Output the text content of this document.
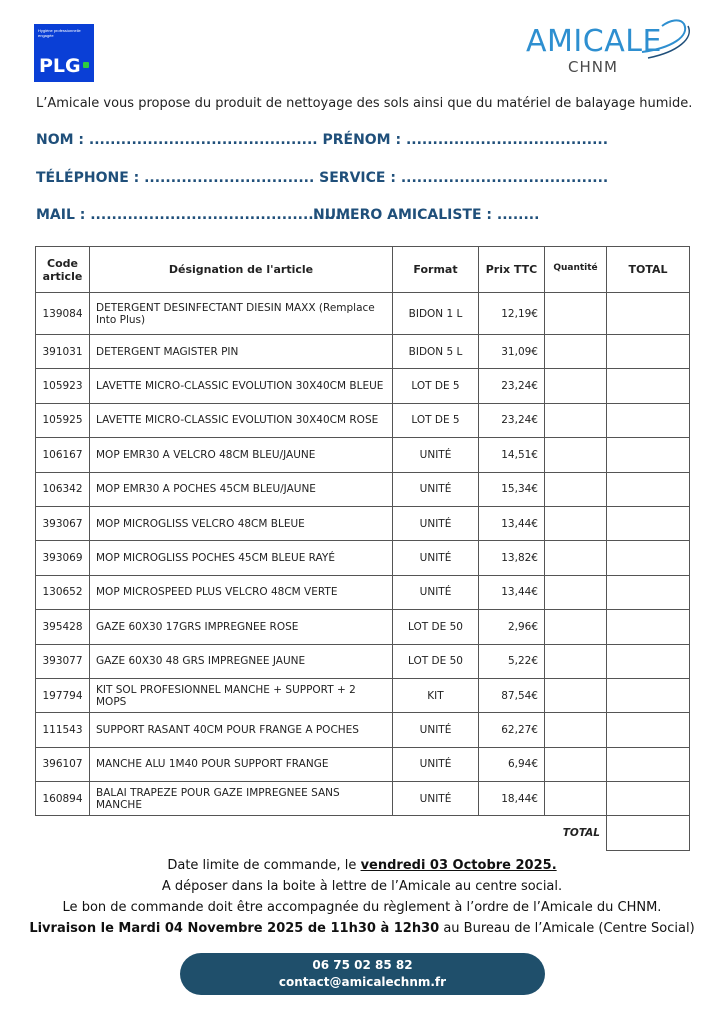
Hygiène professionnelle engagée
PLG
AMICALE
CHNM
L’Amicale vous propose du produit de nettoyage des sols ainsi que du matériel de balayage humide.
NOM : ........................................... PRÉNOM : ......................................
TÉLÉPHONE : ................................ SERVICE : .......................................
MAIL : .................................................
NUMERO AMICALISTE : ........
Code article	Désignation de l'article	Format	Prix TTC	Quantité	TOTAL
139084	DETERGENT DESINFECTANT DIESIN MAXX (Remplace Into Plus)	BIDON 1 L	12,19€		
391031	DETERGENT MAGISTER PIN	BIDON 5 L	31,09€		
105923	LAVETTE MICRO-CLASSIC EVOLUTION 30X40CM BLEUE	LOT DE 5	23,24€		
105925	LAVETTE MICRO-CLASSIC EVOLUTION 30X40CM ROSE	LOT DE 5	23,24€		
106167	MOP EMR30 A VELCRO 48CM BLEU/JAUNE	UNITÉ	14,51€		
106342	MOP EMR30 A POCHES 45CM BLEU/JAUNE	UNITÉ	15,34€		
393067	MOP MICROGLISS VELCRO 48CM BLEUE	UNITÉ	13,44€		
393069	MOP MICROGLISS POCHES 45CM BLEUE RAYÉ	UNITÉ	13,82€		
130652	MOP MICROSPEED PLUS VELCRO 48CM VERTE	UNITÉ	13,44€		
395428	GAZE 60X30 17GRS IMPREGNEE ROSE	LOT DE 50	2,96€		
393077	GAZE 60X30 48 GRS IMPREGNEE JAUNE	LOT DE 50	5,22€		
197794	KIT SOL PROFESIONNEL MANCHE + SUPPORT + 2 MOPS	KIT	87,54€		
111543	SUPPORT RASANT 40CM POUR FRANGE A POCHES	UNITÉ	62,27€		
396107	MANCHE ALU 1M40 POUR SUPPORT FRANGE	UNITÉ	6,94€		
160894	BALAI TRAPEZE POUR GAZE IMPREGNEE SANS MANCHE	UNITÉ	18,44€		
				TOTAL	
Date limite de commande, le vendredi 03 Octobre 2025.
A déposer dans la boite à lettre de l’Amicale au centre social.
Le bon de commande doit être accompagnée du règlement à l’ordre de l’Amicale du CHNM.
Livraison le Mardi 04 Novembre 2025 de 11h30 à 12h30 au Bureau de l’Amicale (Centre Social)
06 75 02 85 82
contact@amicalechnm.fr
